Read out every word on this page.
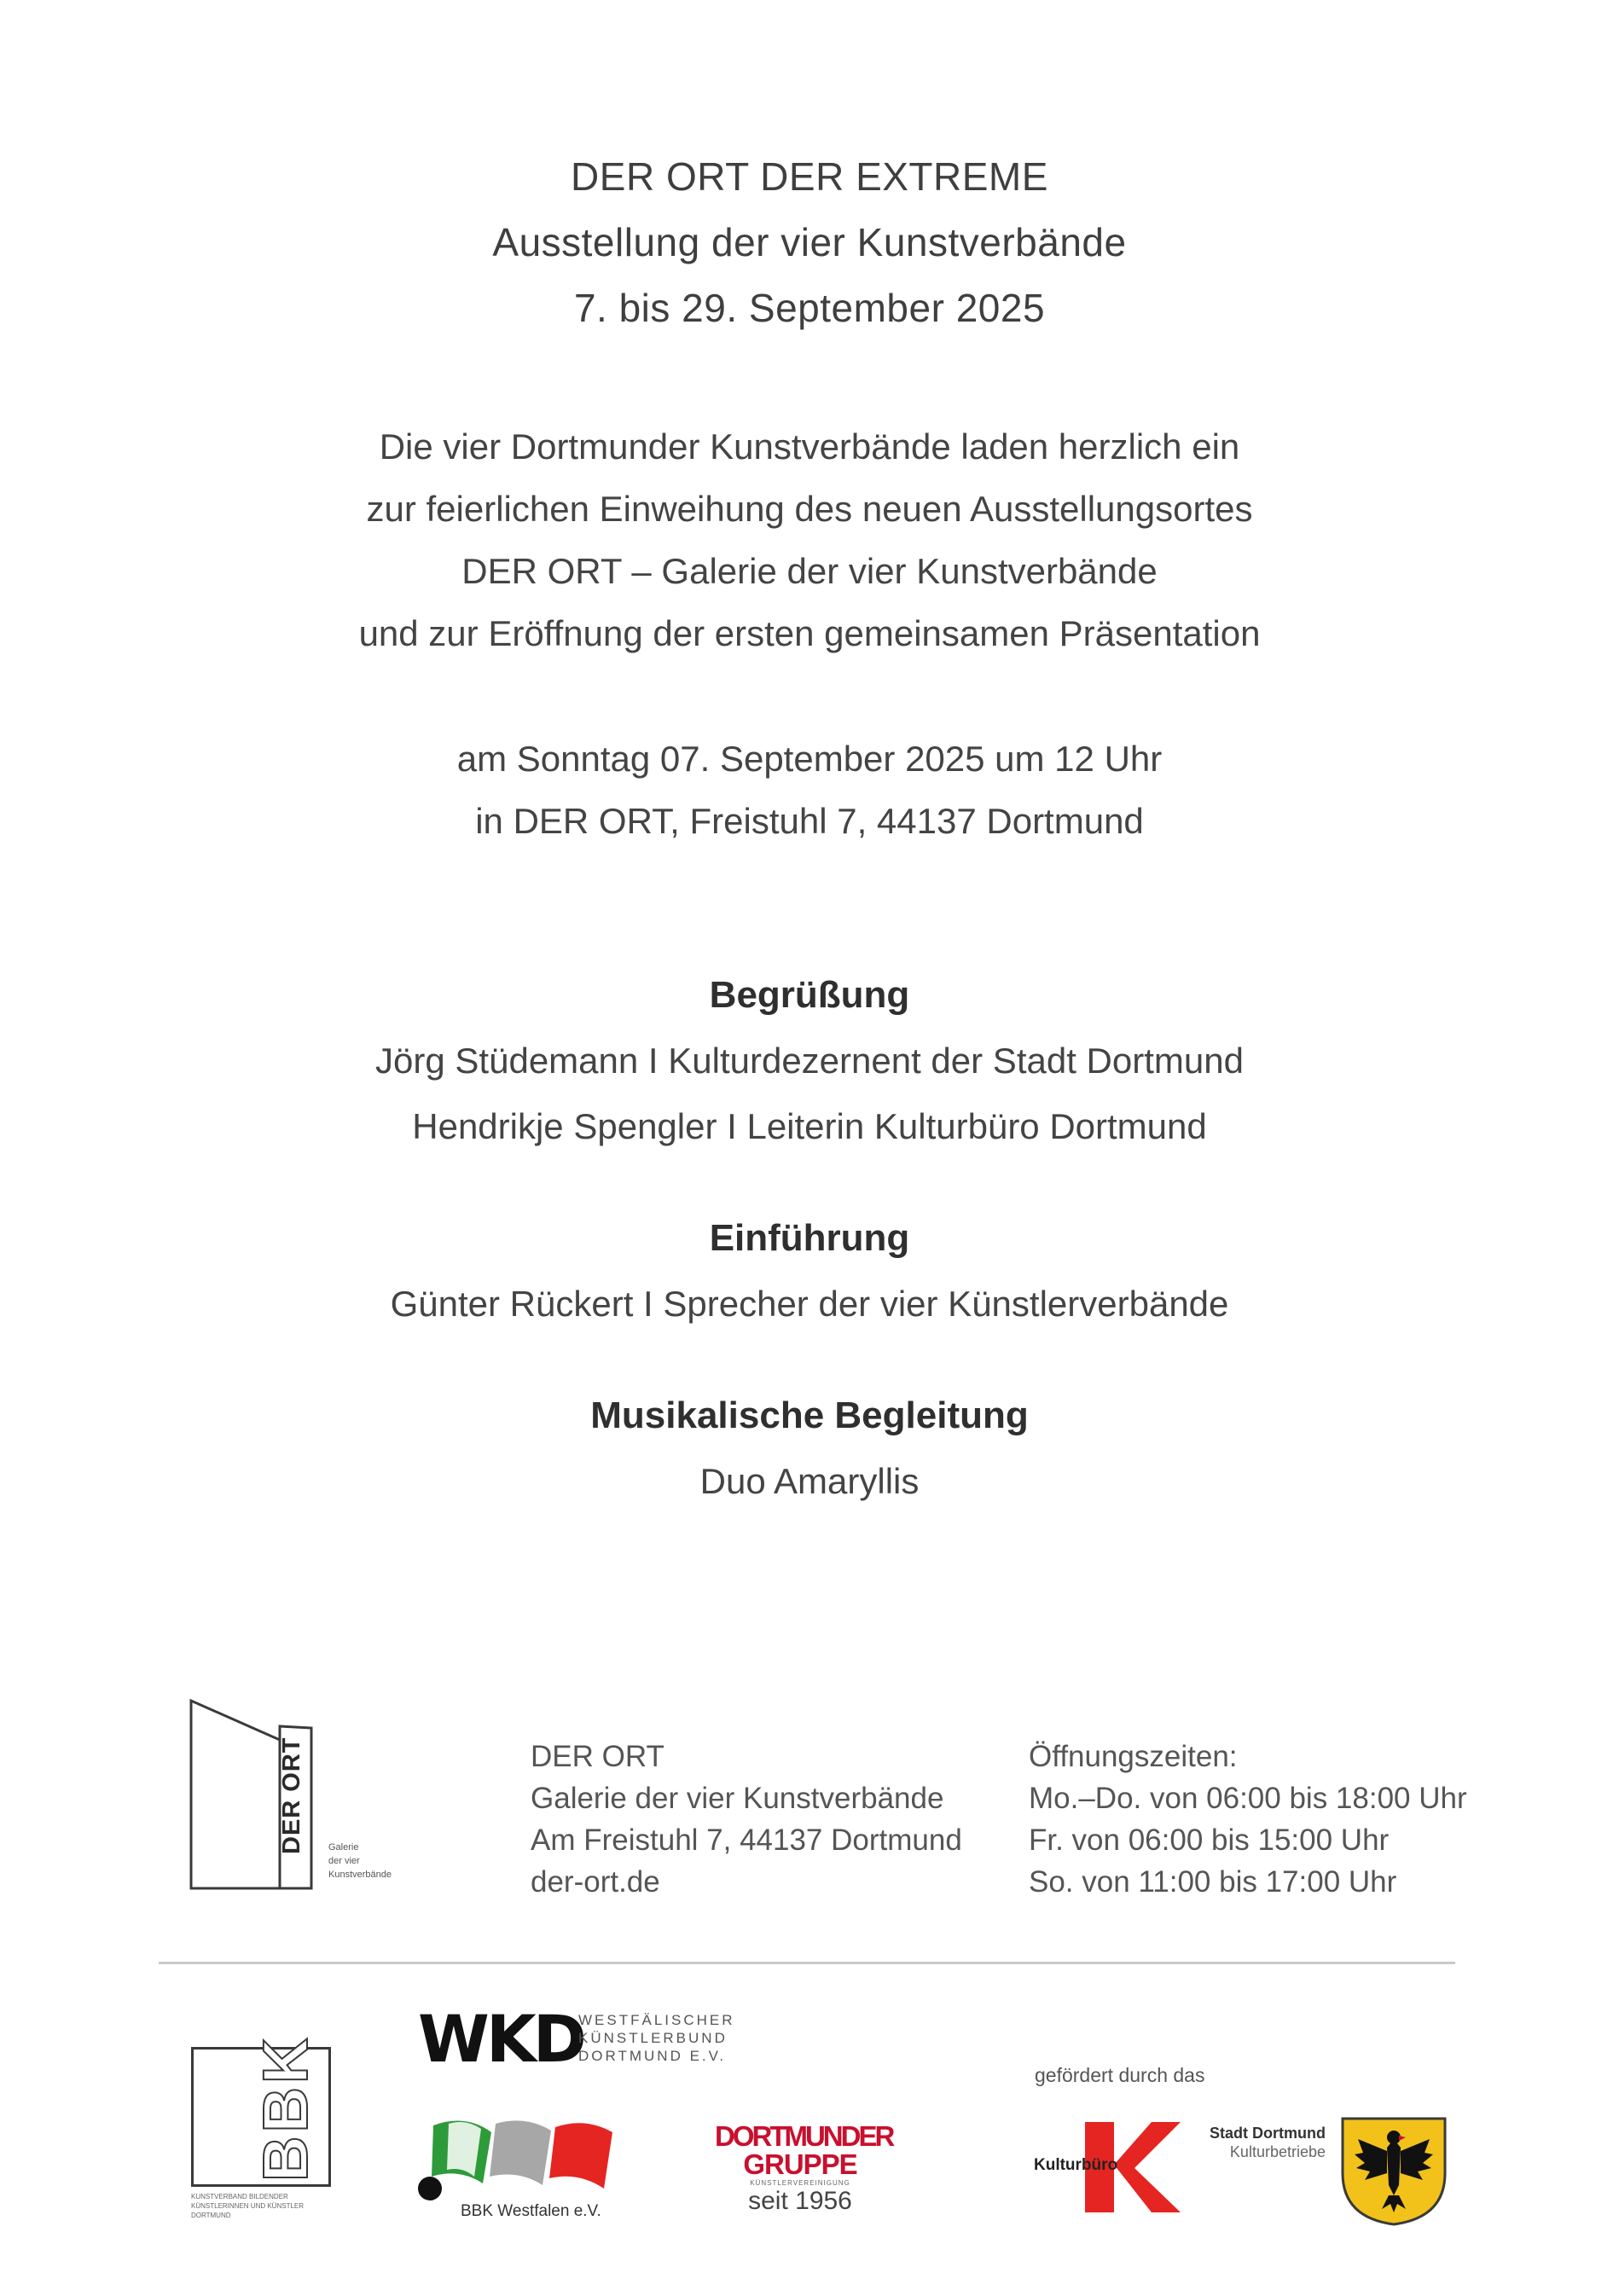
DER ORT DER EXTREME
Ausstellung der vier Kunstverbände
7. bis 29. September 2025
Die vier Dortmunder Kunstverbände laden herzlich ein
zur feierlichen Einweihung des neuen Ausstellungsortes
DER ORT – Galerie der vier Kunstverbände
und zur Eröffnung der ersten gemeinsamen Präsentation
am Sonntag 07. September 2025 um 12 Uhr
in DER ORT, Freistuhl 7, 44137 Dortmund
Begrüßung
Jörg Stüdemann I Kulturdezernent der Stadt Dortmund
Hendrikje Spengler I Leiterin Kulturbüro Dortmund
Einführung
Günter Rückert I Sprecher der vier Künstlerverbände
Musikalische Begleitung
Duo Amaryllis
DER ORT Galerie
der vier
Kunstverbände
DER ORT
Galerie der vier Kunstverbände
Am Freistuhl 7, 44137 Dortmund
der-ort.de
Öffnungszeiten:
Mo.–Do. von 06:00 bis 18:00 Uhr
Fr. von 06:00 bis 15:00 Uhr
So. von 11:00 bis 17:00 Uhr
BBK
KUNSTVERBAND BILDENDER
KÜNSTLERINNEN UND KÜNSTLER
DORTMUND
WKD
WESTFÄLISCHER
KÜNSTLERBUND
DORTMUND E.V.
BBK Westfalen e.V.
DORTMUNDER
GRUPPE
KÜNSTLERVEREINIGUNG
seit 1956
gefördert durch das
Kulturbüro
Stadt Dortmund
Kulturbetriebe
